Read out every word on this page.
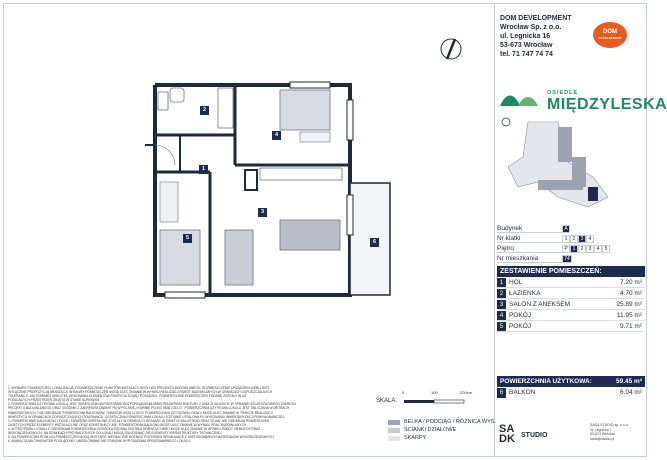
2
4
1
3
5
6
DOM DEVELOPMENT
Wrocław Sp. z o.o.
ul. Legnicka 16
53-673 Wrocław
tel. 71 747 74 74
DOM
DEVELOPMENT
OSIEDLE
MIĘDZYLESKA
Budynek	A
Nr klatki	1	2	3	4
Piętro	P 1	2	3	4	5
Nr mieszkania	74
ZESTAWIENIE POMIESZCZEŃ:
1 HOL	7.20 m²
2 ŁAZIENKA	4.70 m²
3 SALON Z ANEKSEM	25.89 m²
4 POKÓJ	11.95 m²
5 POKÓJ	9.71 m²
POWIERZCHNIA UŻYTKOWA:	59.45 m²
6 BALKON	6.04 m²
1. WYMIARY POMIESZCZEŃ, LOKALIZACJA, ROZMIESZCZENIE PUNKTÓW INSTALACYJNYCH WG PROJEKTU BUDOWLANEGO. ROZMIESZCZENIE URZĄDZEŃ I MEBLI JEST
WYŁĄCZNIE PROPOZYCJĄ ARANŻACJI. WYMIARY POMIESZCZEŃ MOGĄ ULEC ZMIANIE W WYNIKU REALIZACJI ROBÓT BUDOWLANYCH W GRANICACH DOPUSZCZALNYCH
TOLERANCJI, JAK RÓWNIEŻ WSKUTEK WYKONANIA ELEMENTÓW POKRYCIA ŚCIAN I POSADZEK. POWIERZCHNIE POMIESZCZEŃ PODANE ZOSTAŁY W M2
PODAJĄCYCH PRZESTRZEŃ OBJĘTĄ W STANIE SUROWYM.
2. POWIERZCHNIA UŻYTKOWA LOKALU JEST OKREŚLONA NA PODSTAWIE ROZPORZĄDZENIA MINISTRA INFRASTRUKTURY Z DNIA 11.08.2020 R. W SPRAWIE SZCZEGÓŁOWEGO ZAKRESU
PROJEKTU BUDOWLANEGO ORAZ ZGODNIE Z ZAKRESEM ZAWARTYM W POLSKIEJ NORMIE PN-ISO 9836:2022-07. POWIERZCHNIA UŻYTKOWA LOKALU JEST OBLICZANA W METRACH
KWADRATOWYCH I NIE OBEJMUJE POWIERZCHNI BALKONÓW, TARASÓW ORAZ LOGGII. POWIERZCHNIA UŻYTKOWA LOKALU MOŻE ULEC ZMIANIE W TRAKCIE REALIZACJI
INWESTYCJI W GRANICACH DOPUSZCZALNYCH TOLERANCJI. OSTATECZNA POWIERZCHNIA LOKALU ZOSTANIE USTALONA PO WYKONANIU INWENTARYZACJI POWYKONAWCZEJ.
3. POWIERZCHNIE BALKONÓW, LOGGII I TARASÓW OKREŚLONE ZOSTAŁY W OPARCIU O WYMIARY W ŚWIETLE BALUSTRAD ORAZ ŚCIAN. NIE OBEJMUJĄ POWIERZCHNI
ZAJĘTYCH PRZEZ ELEMENTY INSTALACYJNE ORAZ KONSTRUKCYJNE. POWIERZCHNIA BALKONU MOŻE ULEC ZMIANIE W WYNIKU PRAC BUDOWLANYCH.
4. W PRZYPADKU LOKALI Z OGRÓDKAMI POWIERZCHNIA OGRÓDKA PODANA ZOSTAŁA ORIENTACYJNIE I MOŻE ULEC ZMIANIE W WYNIKU ROBÓT ZIEMNYCH ORAZ
WYKOŃCZENIOWYCH. NA DZIAŁKACH PRZYNALEŻNYCH DO LOKALI MOGĄ ZNAJDOWAĆ SIĘ ELEMENTY INFRASTRUKTURY TECHNICZNEJ.
5. NA POWIERZCHNI PODŁOGI POMIESZCZEŃ MOGĄ WYSTĄPIĆ NIEZNACZNE RÓŻNICE POZIOMÓW WYNIKAJĄCE Z ZASTOSOWANYCH MATERIAŁÓW WYKOŃCZENIOWYCH.
6. ANIMACJA MA CHARAKTER POGLĄDOWY. UMEBLOWANIE NIE STANOWI WYPOSAŻENIA SPRZEDAWANEGO LOKALU.
SKALA:
0	100	200cm
BELKA / PODCIĄG / RÓŻNICA WYS.
ŚCIANKI DZIAŁOWE
SKARPY
SA DK STUDIO
SADA STUDIO sp. z o.o.
ul. Legnicka 7
53-673 Wrocław
sada@studio.pl
